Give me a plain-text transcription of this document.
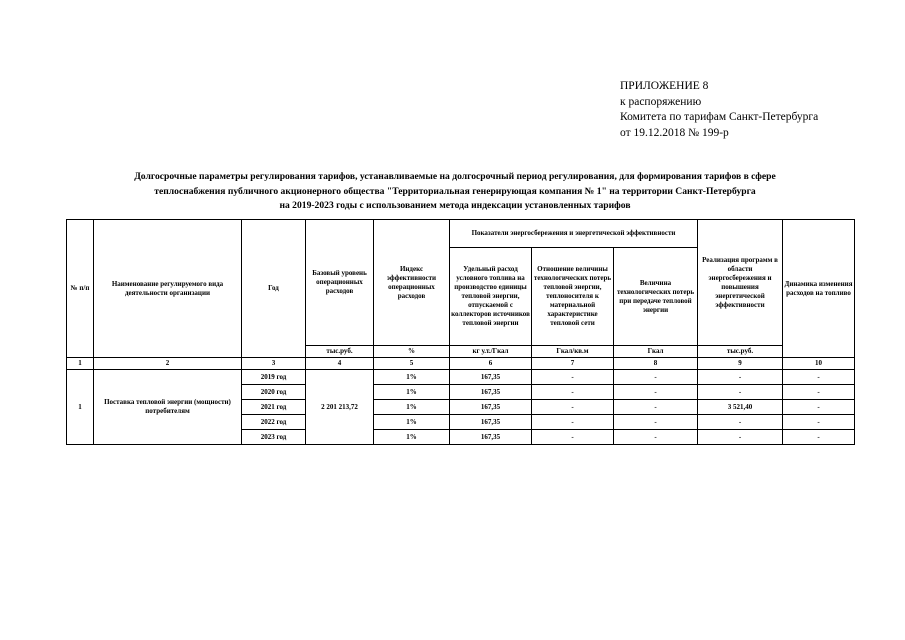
ПРИЛОЖЕНИЕ 8
к распоряжению
Комитета по тарифам Санкт-Петербурга
от 19.12.2018 № 199-р
Долгосрочные параметры регулирования тарифов, устанавливаемые на долгосрочный период регулирования, для формирования тарифов в сфере
теплоснабжения публичного акционерного общества "Территориальная генерирующая компания № 1" на территории Санкт-Петербурга
на 2019-2023 годы с использованием метода индексации установленных тарифов
№ п/п	Наименование регулируемого вида деятельности организации	Год	Базовый уровень операционных расходов	Индекс эффективности операционных расходов	Показатели энергосбережения и энергетической эффективности			Реализация программ в области энергосбережения и повышения энергетической эффективности	Динамика изменения расходов на топливо
					Удельный расход условного топлива на производство единицы тепловой энергии, отпускаемой с коллекторов источников тепловой энергии	Отношение величины технологических потерь тепловой энергии, теплоносителя к материальной характеристике тепловой сети	Величина технологических потерь при передаче тепловой энергии		
			тыс.руб.	%	кг у.т./Гкал	Гкал/кв.м	Гкал	тыс.руб.	
1	2	3	4	5	6	7	8	9	10
1	Поставка тепловой энергии (мощности) потребителям	2019 год	2 201 213,72	1%	167,35	-	-	-	-
		2020 год		1%	167,35	-	-	-	-
		2021 год		1%	167,35	-	-	3 521,40	-
		2022 год		1%	167,35	-	-	-	-
		2023 год		1%	167,35	-	-	-	-
